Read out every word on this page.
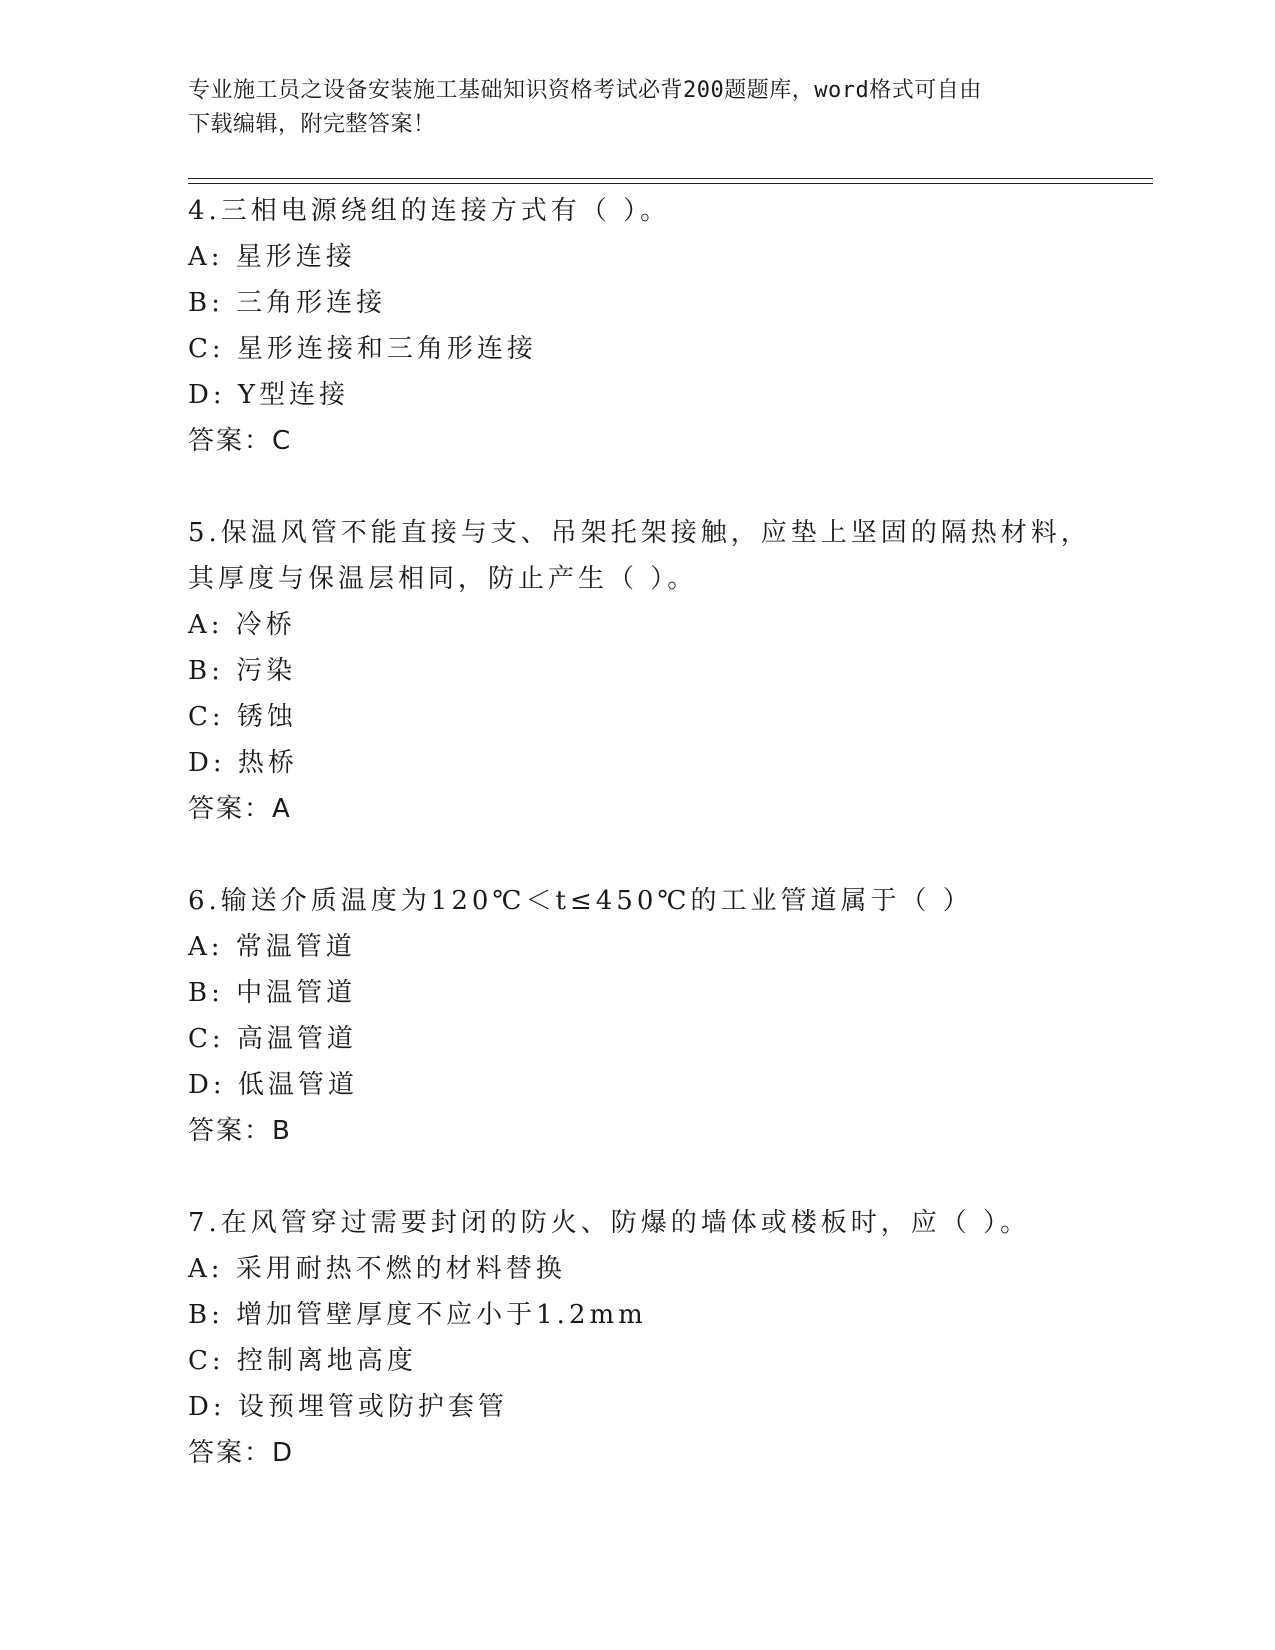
专业施工员之设备安装施工基础知识资格考试必背200题题库，word格式可自由
下载编辑，附完整答案！
4.三相电源绕组的连接方式有（ ）。
A: 星形连接
B: 三角形连接
C: 星形连接和三角形连接
D: Y型连接
答案：C
5.保温风管不能直接与支、吊架托架接触，应垫上坚固的隔热材料，
其厚度与保温层相同，防止产生（ ）。
A: 冷桥
B: 污染
C: 锈蚀
D: 热桥
答案：A
6.输送介质温度为120℃＜t≤450℃的工业管道属于（ ）
A: 常温管道
B: 中温管道
C: 高温管道
D: 低温管道
答案：B
7.在风管穿过需要封闭的防火、防爆的墙体或楼板时，应（ ）。
A: 采用耐热不燃的材料替换
B: 增加管壁厚度不应小于1.2mm
C: 控制离地高度
D: 设预埋管或防护套管
答案：D
